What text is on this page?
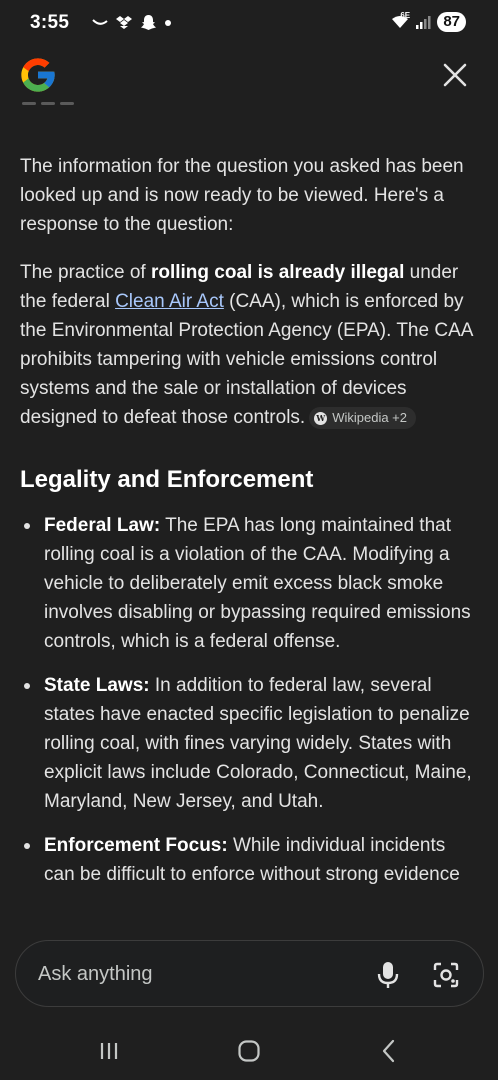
3:55	6E	87

The information for the question you asked has been looked up and is now ready to be viewed. Here's a response to the question:

The practice of rolling coal is already illegal under the federal Clean Air Act (CAA), which is enforced by the Environmental Protection Agency (EPA). The CAA prohibits tampering with vehicle emissions control systems and the sale or installation of devices designed to defeat those controls. W Wikipedia +2

Legality and Enforcement
Federal Law: The EPA has long maintained that rolling coal is a violation of the CAA. Modifying a vehicle to deliberately emit excess black smoke involves disabling or bypassing required emissions controls, which is a federal offense.
State Laws: In addition to federal law, several states have enacted specific legislation to penalize rolling coal, with fines varying widely. States with explicit laws include Colorado, Connecticut, Maine, Maryland, New Jersey, and Utah.
Enforcement Focus: While individual incidents can be difficult to enforce without strong evidence
Ask anything
